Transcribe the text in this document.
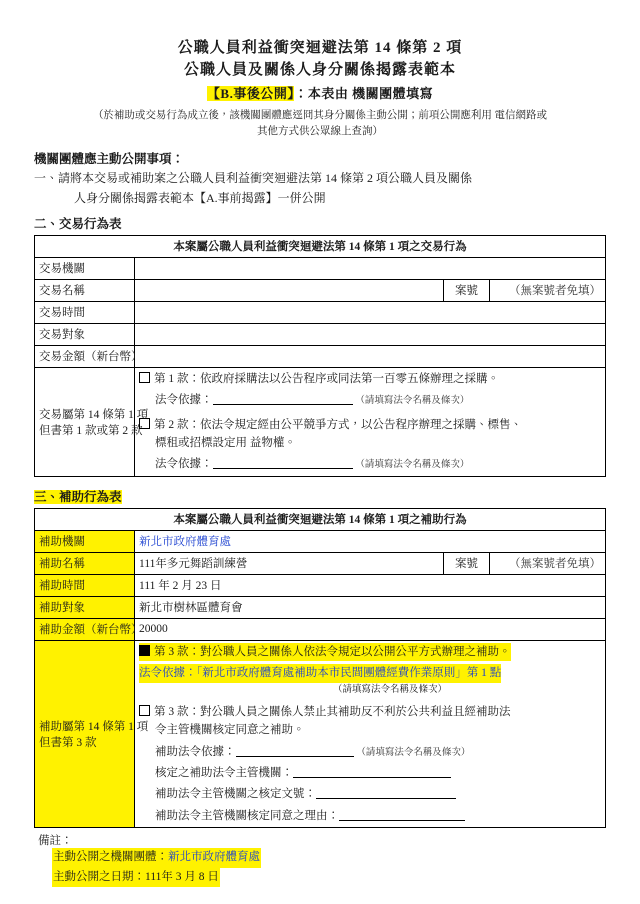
公職人員利益衝突迴避法第 14 條第 2 項
公職人員及關係人身分關係揭露表範本
【B.事後公開】：本表由 機關團體填寫
（於補助或交易行為成立後，該機關團體應逕冏其身分關係主動公開；前項公開應利用 電信網路或
其他方式供公眾線上查詢）
機關團體應主動公開事項：
一、請將本交易或補助案之公職人員利益衝突迴避法第 14 條第 2 項公職人員及關係
人身分關係揭露表範本【A.事前揭露】一併公開
二、交易行為表
本案屬公職人員利益衝突迴避法第 14 條第 1 項之交易行為			
交易機關			
交易名稱		案號	（無案號者免填）
交易時間			
交易對象			
交易金額（新台幣）			

交易屬第 14 條第 1 項
但書第 1 款或第 2 款

第 1 款：依政府採購法以公告程序或同法第一百零五條辦理之採購。
法令依據：	（請填寫法令名稱及條次）
第 2 款：依法令規定經由公平競爭方式，以公告程序辦理之採購、標售、
標租或招標設定用 益物權。
法令依據：	（請填寫法令名稱及條次）
三、補助行為表
本案屬公職人員利益衝突迴避法第 14 條第 1 項之補助行為			
補助機關	新北市政府體育處		
補助名稱	111年多元舞蹈訓練營	案號	（無案號者免填）
補助時間	111 年 2 月 23 日		
補助對象	新北市樹林區體育會		
補助金額（新台幣）	20000		

補助屬第 14 條第 1 項
但書第 3 款

第 3 款：對公職人員之關係人依法令規定以公開公平方式辦理之補助。
法令依據：「新北市政府體育處補助本市民間團體經費作業原則」第 1 點
（請填寫法令名稱及條次）
第 3 款：對公職人員之關係人禁止其補助反不利於公共利益且經補助法
令主管機關核定同意之補助。
補助法令依據：	（請填寫法令名稱及條次）
核定之補助法令主管機關：
補助法令主管機關之核定文號：
補助法令主管機關核定同意之理由：
備註：
主動公開之機關團體：新北市政府體育處
主動公開之日期：111年 3 月 8 日
